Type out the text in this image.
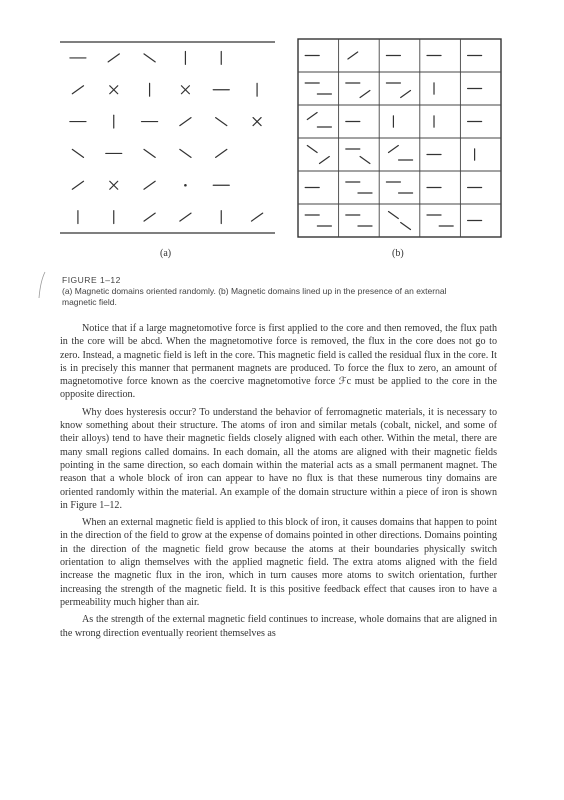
(a)	(b)
FIGURE 1–12
(a) Magnetic domains oriented randomly. (b) Magnetic domains lined up in the presence of an external magnetic field.

Notice that if a large magnetomotive force is first applied to the core and then removed, the flux path in the core will be abcd. When the magnetomotive force is removed, the flux in the core does not go to zero. Instead, a magnetic field is left in the core. This magnetic field is called the residual flux in the core. It is in precisely this manner that permanent magnets are produced. To force the flux to zero, an amount of magnetomotive force known as the coercive magnetomotive force ℱc must be applied to the core in the opposite direction.

Why does hysteresis occur? To understand the behavior of ferromagnetic materials, it is necessary to know something about their structure. The atoms of iron and similar metals (cobalt, nickel, and some of their alloys) tend to have their magnetic fields closely aligned with each other. Within the metal, there are many small regions called domains. In each domain, all the atoms are aligned with their magnetic fields pointing in the same direction, so each domain within the material acts as a small permanent magnet. The reason that a whole block of iron can appear to have no flux is that these numerous tiny domains are oriented randomly within the material. An example of the domain structure within a piece of iron is shown in Figure 1–12.

When an external magnetic field is applied to this block of iron, it causes domains that happen to point in the direction of the field to grow at the expense of domains pointed in other directions. Domains pointing in the direction of the magnetic field grow because the atoms at their boundaries physically switch orientation to align themselves with the applied magnetic field. The extra atoms aligned with the field increase the magnetic flux in the iron, which in turn causes more atoms to switch orientation, further increasing the strength of the magnetic field. It is this positive feedback effect that causes iron to have a permeability much higher than air.

As the strength of the external magnetic field continues to increase, whole domains that are aligned in the wrong direction eventually reorient themselves as
